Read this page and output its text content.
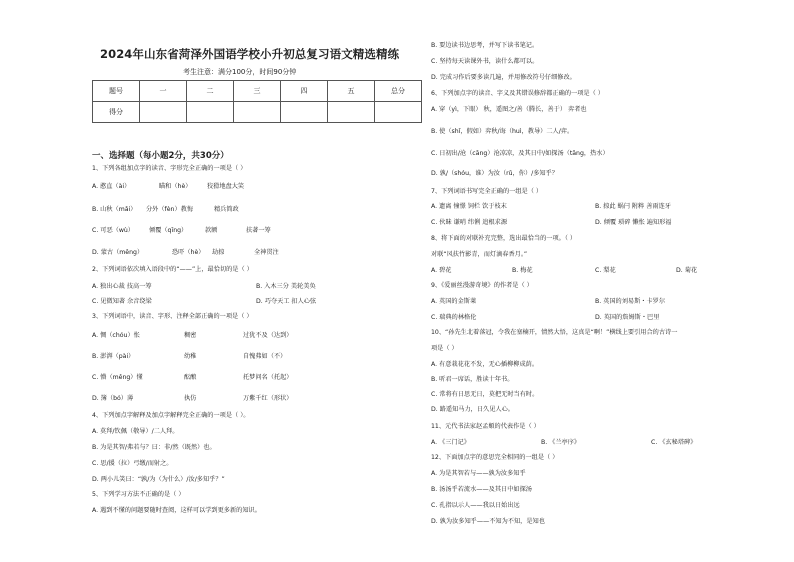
2024年山东省菏泽外国语学校小升初总复习语文精选精练
考生注意：满分100分，时间90分钟
题号	一	二	三	四	五	总分
得分						
一、选择题（每小题2分，共30分）
1、下列各组加点字的读音、字形完全正确的一项是（ ）
A. 憨直（ài）	瞄和（hè）	狡猾地盘大笑
B. 山秋（mǎi） 分外（fèn）教悔	精兵简政
C. 可恶（wù） 倾覆（qīng）	款额	扶著一筹
D. 蒙古（měng）	恐吓（hè） 劫掠	全神贯注
2、下列词语依次填入语段中的“——”上，最恰切的是（ ）
A. 独出心裁 技高一筹	B. 入木三分 美轮美奂
C. 见微知著 余音绕梁	D. 巧夺天工 扣人心弦
3、下列词语中，读音、字形、注释全部正确的一项是（ ）
A. 惆（chóu）怅	稠密	过犹不及（达到）
B. 澎湃（pài）	幼稚	自愧弗如（不）
C. 懵（měng）懂	酝酿	托梦问名（托起）
D. 簿（bó）薄	执仿	万紫千红（形状）
4、下列加点字解释及加点字解释完全正确的一项是（ ）。
A. 莫拜/钦佩（敬导）/二人拜。
B. 为是其智/弗若与？曰：非/然（既然）也。
C. 思/援（拉）弓缴/而射之。
D. 两小儿笑曰：“孰/为（为什么）/汝/多知乎？”
5、下列学习方法不正确的是（ ）
A. 遇到不懂的问题要随时查阅，这样可以学到更多新的知识。
B. 要边读书边思考，并写下读书笔记。
C. 坚持每天读课外书，读什么都可以。
D. 完成习作后要多读几遍，并用修改符号仔细修改。
6、下列加点字的读音、字义及其错误修辞都正确的一项是（ ）
A. 穿（yì，下眼） 秋，遥图之/善（腾长，善于） 弈者也
B. 使（shǐ，假如）弈秋/诲（huì，教导）二人/弈。
C. 日初出/沧（cāng）沧凉凉，及其日中/如探汤（tāng，热水）
D. 孰/（shóu，谁）为汝（rǔ，你）/多知乎？
7、下列词语书写完全正确的一组是（ ）
A. 遗离 憧憬 饲栏 饮于枝末	B. 掠此 蜗闩 附粹 善雨连牙
C. 伙昧 谦哨 纬俐 追根求源	D. 倾覆 琐碎 懒怅 遍知形福
8、将下面的对联补充完整，选出最恰当的一项。（ ）
对联“风扶竹影青，而灯滴春香月。”
A. 碧花	B. 梅花	C. 梨花	D. 菊花
9、《爱丽丝漫游奇境》的作者是（ ）
A. 英国的金斯莱	B. 英国的刘易斯・卡罗尔
C. 瑞典的林格伦	D. 英国的詹姆斯・巴里
10、“孙先生北着落冠，令我在塞楠开，情然大悟，这真是“啊！”横线上要引用合的古诗一
项是（ ）
A. 有意栽花花不发，无心插柳柳成荫。
B. 听君一席话，胜读十年书。
C. 常将有日思无日，莫把无时当有时。
D. 路遥知马力，日久见人心。
11、元代书法家赵孟頫的代表作是（ ）
A. 《三门记》	B. 《兰亭序》	C. 《玄秘塔碑》
12、下面加点字的意思完全相同的一组是（ ）
A. 为是其智若与——孰为汝多知乎
B. 汤汤乎若流水——及其日中如探汤
C. 孔指以示人——我以日始出远
D. 孰为汝多知乎——不知为不知，是知也
